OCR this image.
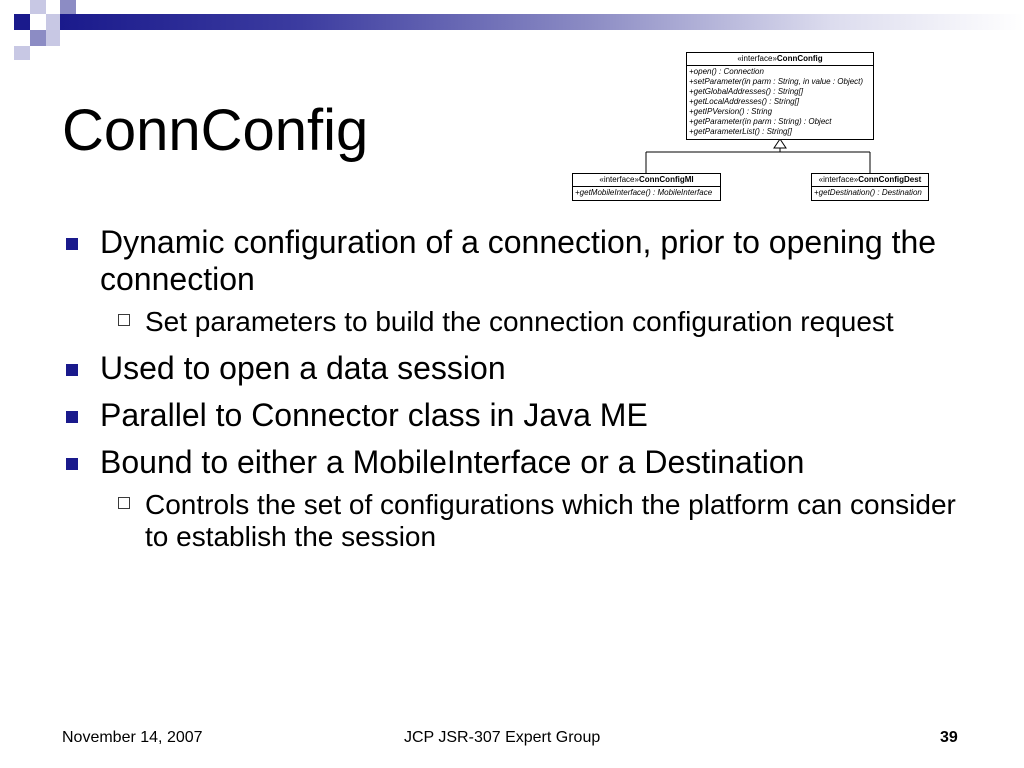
ConnConfig
«interface»ConnConfig
+open() : Connection
+setParameter(in parm : String, in value : Object)
+getGlobalAddresses() : String[]
+getLocalAddresses() : String[]
+getIPVersion() : String
+getParameter(in parm : String) : Object
+getParameterList() : String[]
«interface»ConnConfigMI
+getMobileInterface() : MobileInterface
«interface»ConnConfigDest
+getDestination() : Destination
Dynamic configuration of a connection, prior to opening the connection
Set parameters to build the connection configuration request
Used to open a data session
Parallel to Connector class in Java ME
Bound to either a MobileInterface or a Destination
Controls the set of configurations which the platform can consider to establish the session
November 14, 2007	JCP JSR-307 Expert Group	39
